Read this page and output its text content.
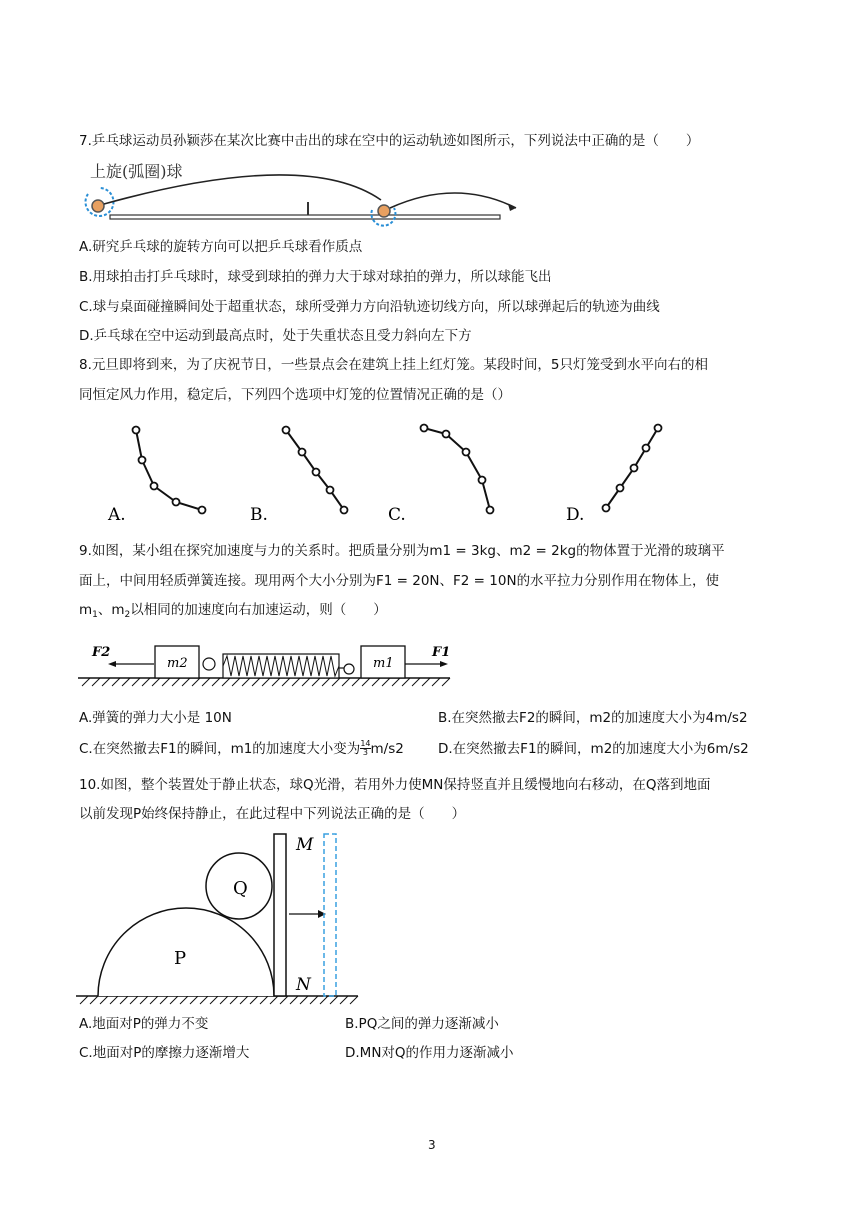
7.乒乓球运动员孙颖莎在某次比赛中击出的球在空中的运动轨迹如图所示，下列说法中正确的是（　　）
上旋(弧圈)球
A.研究乒乓球的旋转方向可以把乒乓球看作质点
B.用球拍击打乒乓球时，球受到球拍的弹力大于球对球拍的弹力，所以球能飞出
C.球与桌面碰撞瞬间处于超重状态，球所受弹力方向沿轨迹切线方向，所以球弹起后的轨迹为曲线
D.乒乓球在空中运动到最高点时，处于失重状态且受力斜向左下方
8.元旦即将到来，为了庆祝节日，一些景点会在建筑上挂上红灯笼。某段时间，5只灯笼受到水平向右的相
同恒定风力作用，稳定后，下列四个选项中灯笼的位置情况正确的是（）
A.	B.	C.	D.
9.如图，某小组在探究加速度与力的关系时。把质量分别为m1 = 3kg、m2 = 2kg的物体置于光滑的玻璃平
面上，中间用轻质弹簧连接。现用两个大小分别为F1 = 20N、F2 = 10N的水平拉力分别作用在物体上，使
$m_1$、$m_2$以相同的加速度向右加速运动，则（　　）
F2
m2	m1
F1
A.弹簧的弹力大小是 10N	B.在突然撤去F2的瞬间，m2的加速度大小为4m/s2
C.在突然撤去F1的瞬间，m1的加速度大小变为 $\frac{14}{3} m/s2$	D.在突然撤去F1的瞬间，m2的加速度大小为6m/s2
10.如图，整个装置处于静止状态，球Q光滑，若用外力使MN保持竖直并且缓慢地向右移动，在Q落到地面
以前发现P始终保持静止，在此过程中下列说法正确的是（　　）
P
Q
M
N
A.地面对P的弹力不变	B.PQ之间的弹力逐渐减小
C.地面对P的摩擦力逐渐增大	D.MN对Q的作用力逐渐减小
3
